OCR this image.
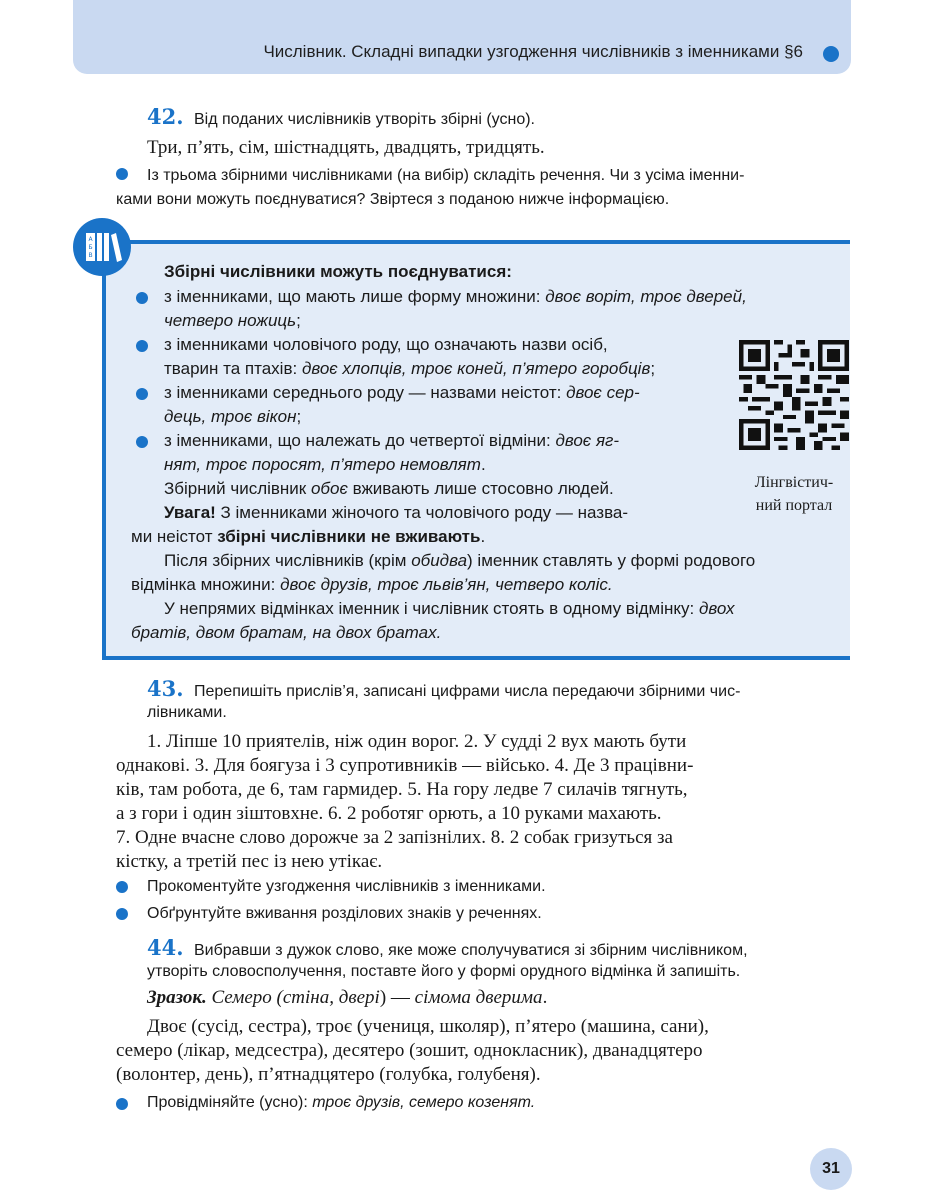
Числівник. Складні випадки узгодження числівників з іменниками §6
42. Від поданих числівників утворіть збірні (усно).
Три, п’ять, сім, шістнадцять, двадцять, тридцять.
Із трьома збірними числівниками (на вибір) складіть речення. Чи з усіма іменни-
ками вони можуть поєднуватися? Звіртеся з поданою нижче інформацією.
А
Б
В
Збірні числівники можуть поєднуватися:
з іменниками, що мають лише форму множини: двоє воріт, троє дверей,
четверо ножиць;
з іменниками чоловічого роду, що означають назви осіб,
тварин та птахів: двоє хлопців, троє коней, п’ятеро горобців;
з іменниками середнього роду — назвами неістот: двоє сер-
дець, троє вікон;
з іменниками, що належать до четвертої відміни: двоє яг-
нят, троє поросят, п’ятеро немовлят.
Збірний числівник обоє вживають лише стосовно людей.
Увага! З іменниками жіночого та чоловічого роду — назва-
ми неістот збірні числівники не вживають.
Після збірних числівників (крім обидва) іменник ставлять у формі родового
відмінка множини: двоє друзів, троє львів’ян, четверо коліс.
У непрямих відмінках іменник і числівник стоять в одному відмінку: двох
братів, двом братам, на двох братах.
Лінгвістич-
ний портал
43. Перепишіть прислів’я, записані цифрами числа передаючи збірними чис-
лівниками.
1. Ліпше 10 приятелів, ніж один ворог. 2. У судді 2 вух мають бути
однакові. 3. Для боягуза і 3 супротивників — військо. 4. Де 3 працівни-
ків, там робота, де 6, там гармидер. 5. На гору ледве 7 силачів тягнуть,
а з гори і один зіштовхне. 6. 2 роботяг орють, а 10 руками махають.
7. Одне вчасне слово дорожче за 2 запізнілих. 8. 2 собак гризуться за
кістку, а третій пес із нею утікає.
Прокоментуйте узгодження числівників з іменниками.
Обґрунтуйте вживання розділових знаків у реченнях.
44. Вибравши з дужок слово, яке може сполучуватися зі збірним числівником,
утворіть словосполучення, поставте його у формі орудного відмінка й запишіть.
Зразок. Семеро (стіна, двері) — сімома дверима.
Двоє (сусід, сестра), троє (учениця, школяр), п’ятеро (машина, сани),
семеро (лікар, медсестра), десятеро (зошит, однокласник), дванадцятеро
(волонтер, день), п’ятнадцятеро (голубка, голубеня).
Провідміняйте (усно): троє друзів, семеро козенят.
31
